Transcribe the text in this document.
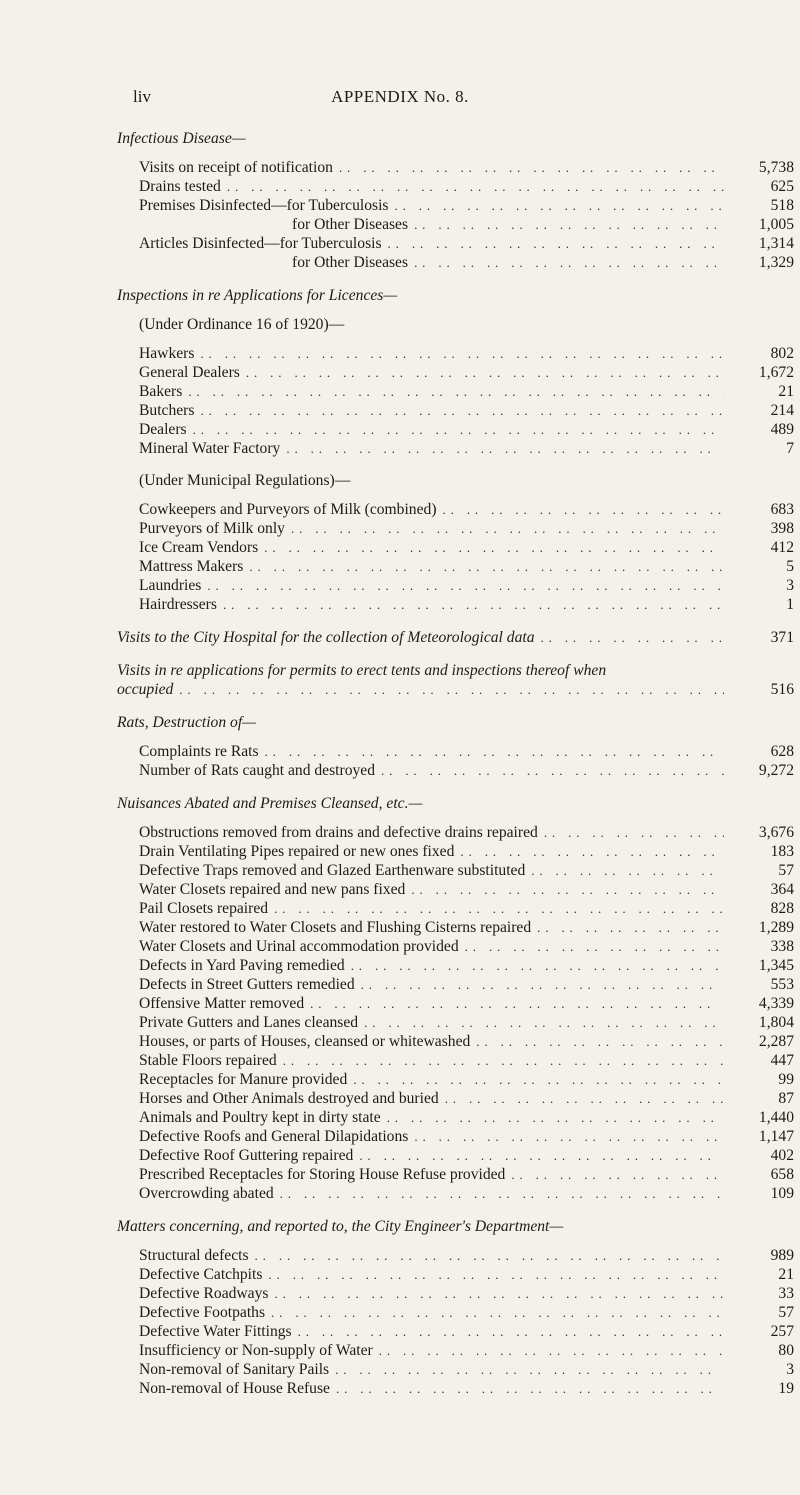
liv	APPENDIX No. 8.
Infectious Disease—
Visits on receipt of notification . .	5,738
Drains tested . .	625
Premises Disinfected—for Tuberculosis . .	518
for Other Diseases . .	1,005
Articles Disinfected—for Tuberculosis . .	1,314
for Other Diseases . .	1,329
Inspections in re Applications for Licences—
(Under Ordinance 16 of 1920)—
Hawkers . .	802
General Dealers . .	1,672
Bakers . .	21
Butchers . .	214
Dealers . .	489
Mineral Water Factory . .	7
(Under Municipal Regulations)—
Cowkeepers and Purveyors of Milk (combined) . .	683
Purveyors of Milk only . .	398
Ice Cream Vendors . .	412
Mattress Makers . .	5
Laundries . .	3
Hairdressers . .	1
Visits to the City Hospital for the collection of Meteorological data . .	371
Visits in re applications for permits to erect tents and inspections thereof when
occupied . .	516
Rats, Destruction of—
Complaints re Rats . .	628
Number of Rats caught and destroyed . .	9,272
Nuisances Abated and Premises Cleansed, etc.—
Obstructions removed from drains and defective drains repaired . .	3,676
Drain Ventilating Pipes repaired or new ones fixed . .	183
Defective Traps removed and Glazed Earthenware substituted . .	57
Water Closets repaired and new pans fixed . .	364
Pail Closets repaired . .	828
Water restored to Water Closets and Flushing Cisterns repaired . .	1,289
Water Closets and Urinal accommodation provided . .	338
Defects in Yard Paving remedied . .	1,345
Defects in Street Gutters remedied . .	553
Offensive Matter removed . .	4,339
Private Gutters and Lanes cleansed . .	1,804
Houses, or parts of Houses, cleansed or whitewashed . .	2,287
Stable Floors repaired . .	447
Receptacles for Manure provided . .	99
Horses and Other Animals destroyed and buried . .	87
Animals and Poultry kept in dirty state . .	1,440
Defective Roofs and General Dilapidations . .	1,147
Defective Roof Guttering repaired . .	402
Prescribed Receptacles for Storing House Refuse provided . .	658
Overcrowding abated . .	109
Matters concerning, and reported to, the City Engineer's Department—
Structural defects . .	989
Defective Catchpits . .	21
Defective Roadways . .	33
Defective Footpaths . .	57
Defective Water Fittings . .	257
Insufficiency or Non-supply of Water . .	80
Non-removal of Sanitary Pails . .	3
Non-removal of House Refuse . .	19
